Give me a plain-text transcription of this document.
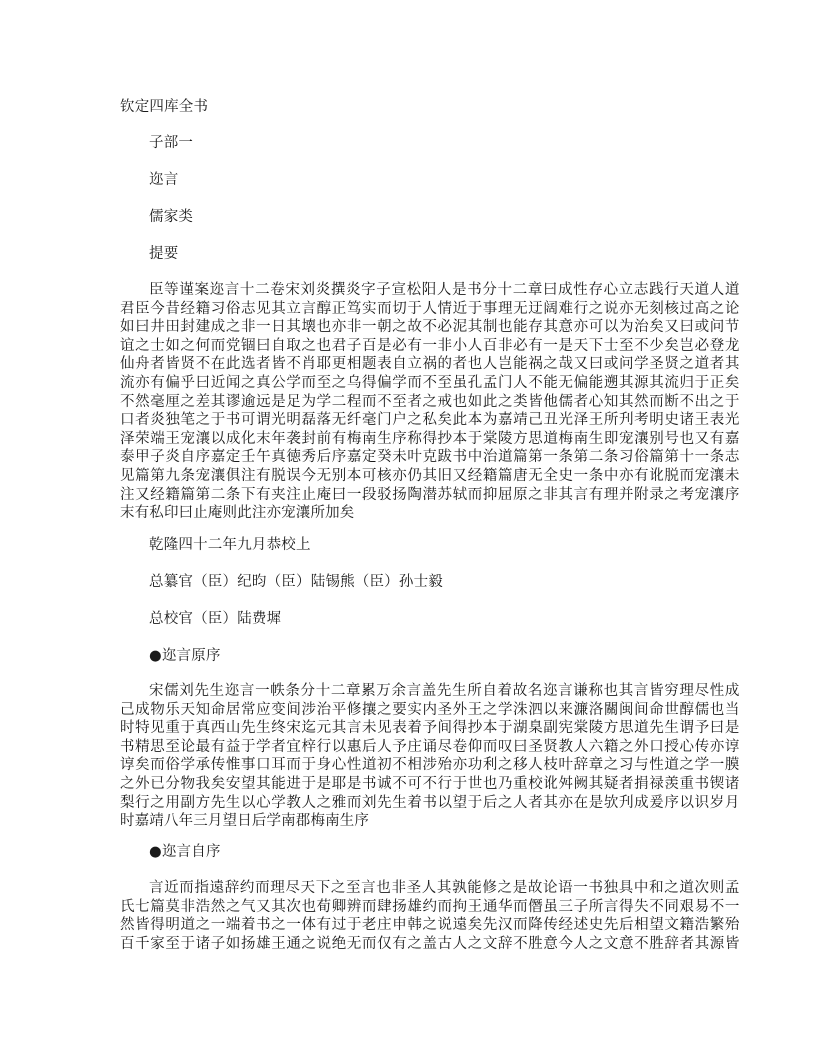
钦定四库全书
子部一
迩言
儒家类
提要
臣等谨案迩言十二卷宋刘炎撰炎字子宣松阳人是书分十二章曰成性存心立志践行天道人道
君臣今昔经籍习俗志见其立言醇正笃实而切于人情近于事理无迂阔难行之说亦无刻核过高之论
如曰井田封建成之非一日其壊也亦非一朝之故不必泥其制也能存其意亦可以为治矣又曰或问节
谊之士如之何而党锢曰自取之也君子百是必有一非小人百非必有一是天下士至不少矣岂必登龙
仙舟者皆贤不在此选者皆不肖耶更相题表自立祸的者也人岂能祸之哉又曰或问学圣贤之道者其
流亦有偏乎曰近闻之真公学而至之乌得偏学而不至虽孔孟门人不能无偏能遡其源其流归于正矣
不然毫厘之差其谬逾远是足为学二程而不至者之戒也如此之类皆他儒者心知其然而断不出之于
口者炎独笔之于书可谓光明磊落无纤毫门户之私矣此本为嘉靖己丑光泽王所刋考明史诸王表光
泽荣端王宠瀼以成化末年袭封前有梅南生序称得抄本于棠陵方思道梅南生即宠瀼别号也又有嘉
泰甲子炎自序嘉定壬午真徳秀后序嘉定癸未叶克跋书中治道篇第一条第二条习俗篇第十一条志
见篇第九条宠瀼俱注有脱误今无别本可核亦仍其旧又经籍篇唐无全史一条中亦有讹脱而宠瀼未
注又经籍篇第二条下有夹注止庵曰一段驳扬陶潜苏轼而抑屈原之非其言有理并附录之考宠瀼序
末有私印曰止庵则此注亦宠瀼所加矣
乾隆四十二年九月恭校上
总纂官（臣）纪昀（臣）陆锡熊（臣）孙士毅
总校官（臣）陆费墀
●迩言原序
宋儒刘先生迩言一帙条分十二章累万余言盖先生所自着故名迩言谦称也其言皆穷理尽性成
己成物乐天知命居常应变间涉治平修攘之要实内圣外王之学洙泗以来濂洛關闽间命世醇儒也当
时特见重于真西山先生终宋迄元其言未见表着予间得抄本于湖臬副宪棠陵方思道先生谓予曰是
书精思至论最有益于学者宜梓行以惠后人予庄诵尽卷仰而叹曰圣贤教人六籍之外口授心传亦谆
谆矣而俗学承传惟事口耳而于身心性道初不相涉殆亦功利之移人枝叶辞章之习与性道之学一膜
之外已分物我矣安望其能进于是耶是书诚不可不行于世也乃重校讹舛阙其疑者捐禄羡重书锲诸
梨行之用副方先生以心学教人之雅而刘先生着书以望于后之人者其亦在是欤刋成爰序以识岁月
时嘉靖八年三月望日后学南郡梅南生序
●迩言自序
言近而指遠辞约而理尽天下之至言也非圣人其孰能修之是故论语一书独具中和之道次则孟
氏七篇莫非浩然之气又其次也荀卿辨而肆扬雄约而拘王通华而僭虽三子所言得失不同艰易不一
然皆得明道之一端着书之一体有过于老庄申韩之说遠矣先汉而降传经述史先后相望文籍浩繁殆
百千家至于诸子如扬雄王通之说绝无而仅有之盖古人之文辞不胜意今人之文意不胜辞者其源皆
